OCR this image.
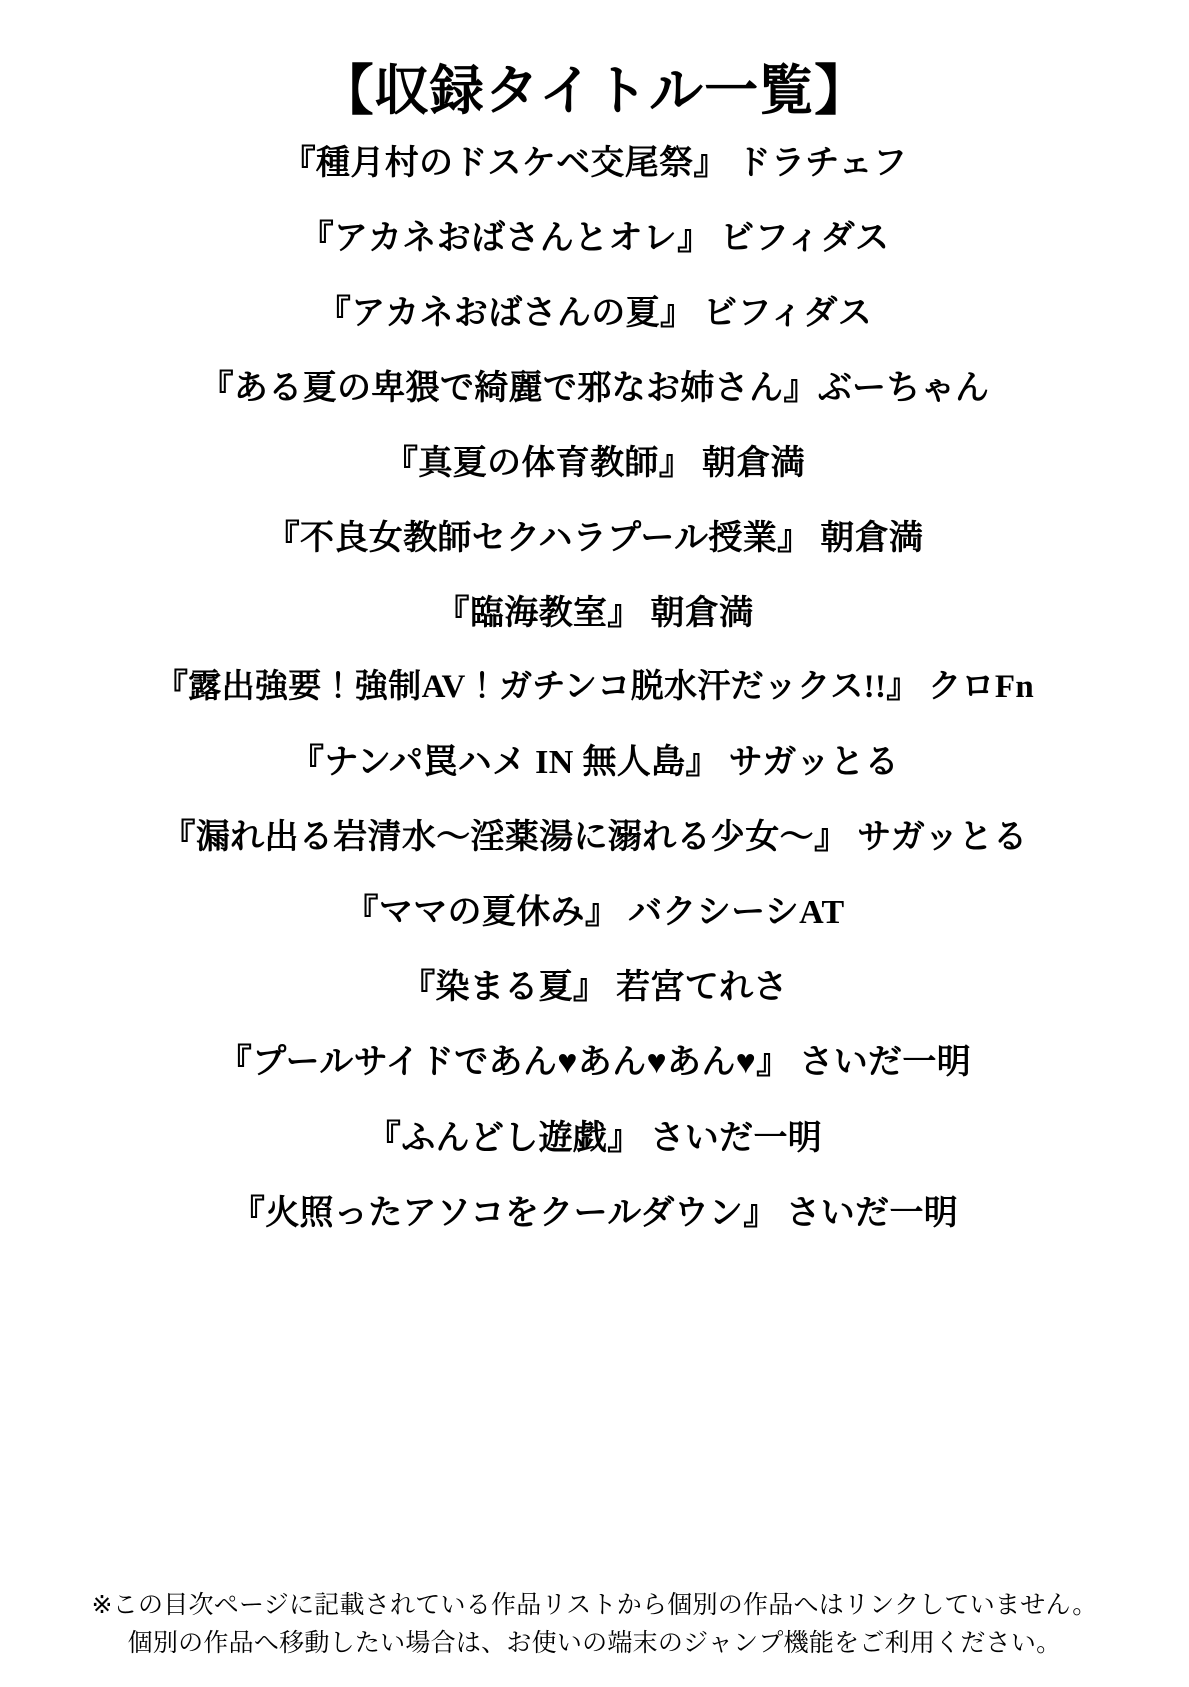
【収録タイトル一覧】
『種月村のドスケベ交尾祭』 ドラチェフ
『アカネおばさんとオレ』 ビフィダス
『アカネおばさんの夏』 ビフィダス
『ある夏の卑猥で綺麗で邪なお姉さん』ぶーちゃん
『真夏の体育教師』 朝倉満
『不良女教師セクハラプール授業』 朝倉満
『臨海教室』 朝倉満
『露出強要！強制AV！ガチンコ脱水汗だックス!!』 クロFn
『ナンパ罠ハメ IN 無人島』 サガッとる
『漏れ出る岩清水〜淫薬湯に溺れる少女〜』 サガッとる
『ママの夏休み』 バクシーシAT
『染まる夏』 若宮てれさ
『プールサイドであん♥あん♥あん♥』 さいだ一明
『ふんどし遊戯』 さいだ一明
『火照ったアソコをクールダウン』 さいだ一明
※この目次ページに記載されている作品リストから個別の作品へはリンクしていません。
個別の作品へ移動したい場合は、お使いの端末のジャンプ機能をご利用ください。
